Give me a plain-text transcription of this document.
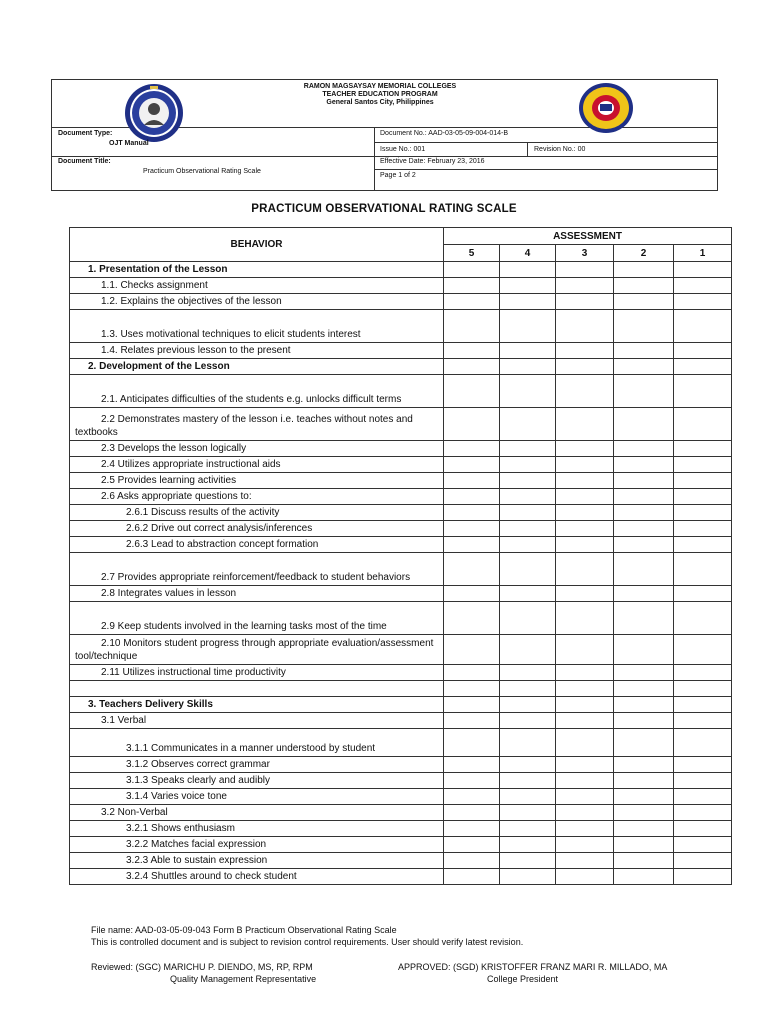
RAMON MAGSAYSAY MEMORIAL COLLEGES
TEACHER EDUCATION PROGRAM
General Santos City, Philippines
Document Type:
OJT Manual
Document Title:
Practicum Observational Rating Scale
Document No.: AAD-03-05-09-004-014-B
Issue No.: 001	Revision No.: 00
Effective Date: February 23, 2016
Page 1 of 2
PRACTICUM OBSERVATIONAL RATING SCALE
BEHAVIOR	ASSESSMENT				
	5	4	3	2	1
1. Presentation of the Lesson					
1.1. Checks assignment					
1.2. Explains the objectives of the lesson					
1.3. Uses motivational techniques to elicit students interest					
1.4. Relates previous lesson to the present					
2. Development of the Lesson					
2.1. Anticipates difficulties of the students e.g. unlocks difficult terms					
2.2 Demonstrates mastery of the lesson i.e. teaches without notes and textbooks					
2.3 Develops the lesson logically					
2.4 Utilizes appropriate instructional aids					
2.5 Provides learning activities					
2.6 Asks appropriate questions to:					
2.6.1 Discuss results of the activity					
2.6.2 Drive out correct analysis/inferences					
2.6.3 Lead to abstraction concept formation					
2.7 Provides appropriate reinforcement/feedback to student behaviors					
2.8 Integrates values in lesson					
2.9 Keep students involved in the learning tasks most of the time					
2.10 Monitors student progress through appropriate evaluation/assessment tool/technique					
2.11 Utilizes instructional time productivity					

3. Teachers Delivery Skills					
3.1 Verbal					
3.1.1 Communicates in a manner understood by student					
3.1.2 Observes correct grammar					
3.1.3 Speaks clearly and audibly					
3.1.4 Varies voice tone					
3.2 Non-Verbal					
3.2.1 Shows enthusiasm					
3.2.2 Matches facial expression					
3.2.3 Able to sustain expression					
3.2.4 Shuttles around to check student					
File name: AAD-03-05-09-043 Form B Practicum Observational Rating Scale
This is controlled document and is subject to revision control requirements. User should verify latest revision.
Reviewed: (SGC) MARICHU P. DIENDO, MS, RP, RPM
Quality Management Representative
APPROVED: (SGD) KRISTOFFER FRANZ MARI R. MILLADO, MA
College President
